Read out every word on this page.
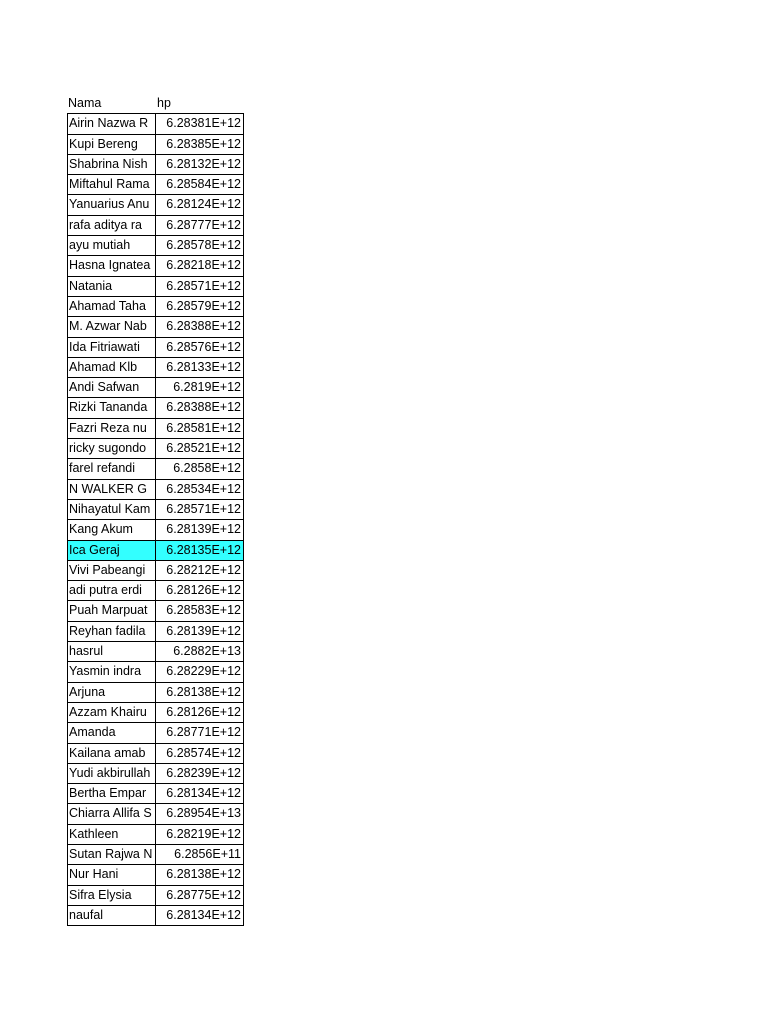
Nama	hp
Airin Nazwa R	6.28381E+12
Kupi Bereng	6.28385E+12
Shabrina Nish	6.28132E+12
Miftahul Rama	6.28584E+12
Yanuarius Anu	6.28124E+12
rafa aditya ra	6.28777E+12
ayu mutiah	6.28578E+12
Hasna Ignatea	6.28218E+12
Natania	6.28571E+12
Ahamad Taha	6.28579E+12
M. Azwar Nab	6.28388E+12
Ida Fitriawati	6.28576E+12
Ahamad Klb	6.28133E+12
Andi Safwan	6.2819E+12
Rizki Tananda	6.28388E+12
Fazri Reza nu	6.28581E+12
ricky sugondo	6.28521E+12
farel refandi	6.2858E+12
N WALKER G	6.28534E+12
Nihayatul Kam	6.28571E+12
Kang Akum	6.28139E+12
Ica Geraj	6.28135E+12
Vivi Pabeangi	6.28212E+12
adi putra erdi	6.28126E+12
Puah Marpuat	6.28583E+12
Reyhan fadila	6.28139E+12
hasrul	6.2882E+13
Yasmin indra	6.28229E+12
Arjuna	6.28138E+12
Azzam Khairu	6.28126E+12
Amanda	6.28771E+12
Kailana amab	6.28574E+12
Yudi akbirullah	6.28239E+12
Bertha Empar	6.28134E+12
Chiarra Allifa S	6.28954E+13
Kathleen	6.28219E+12
Sutan Rajwa N	6.2856E+11
Nur Hani	6.28138E+12
Sifra Elysia	6.28775E+12
naufal	6.28134E+12
